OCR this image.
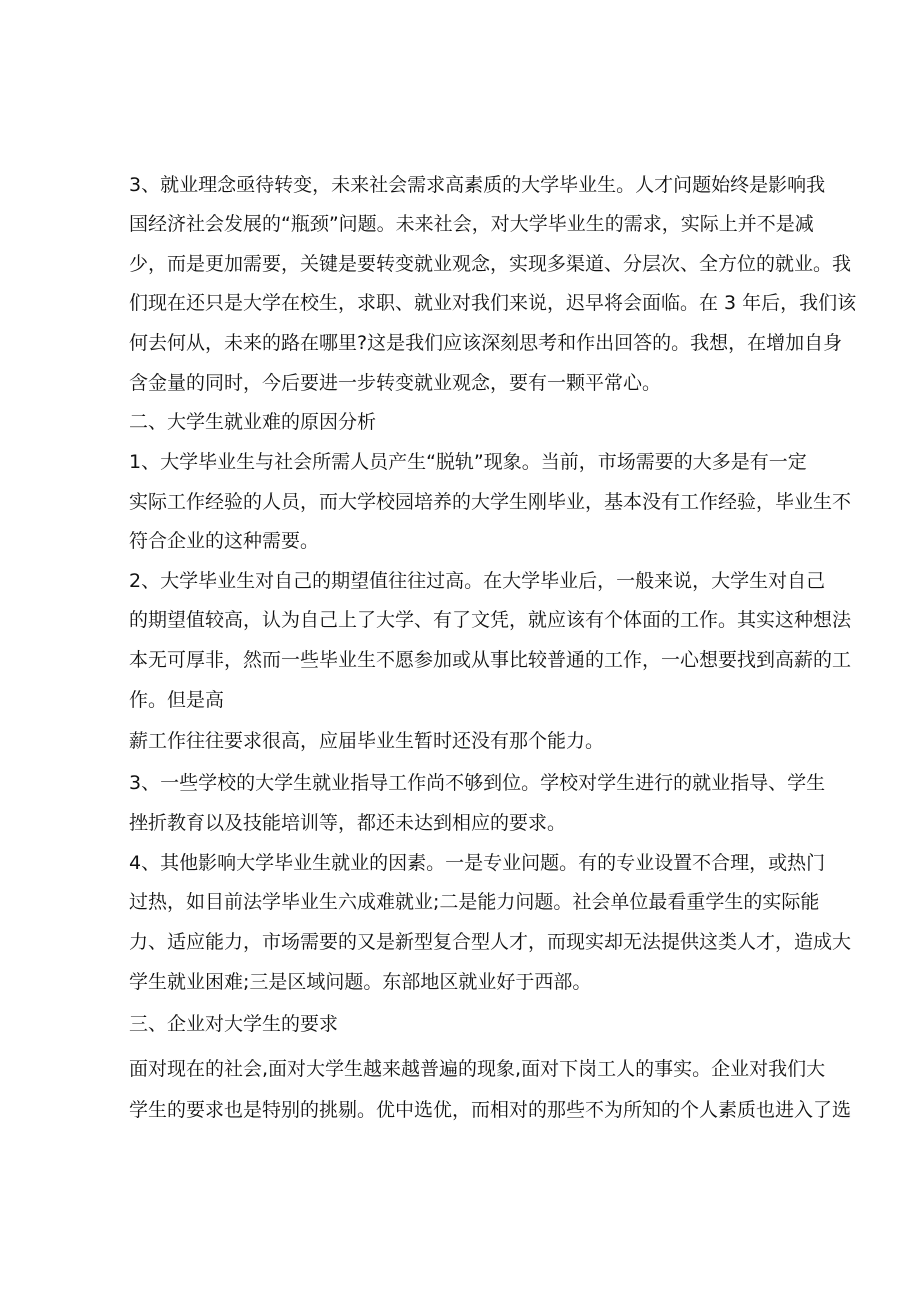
3、就业理念亟待转变，未来社会需求高素质的大学毕业生。人才问题始终是影响我
国经济社会发展的“瓶颈”问题。未来社会，对大学毕业生的需求，实际上并不是减
少，而是更加需要，关键是要转变就业观念，实现多渠道、分层次、全方位的就业。我
们现在还只是大学在校生，求职、就业对我们来说，迟早将会面临。在 3 年后，我们该
何去何从，未来的路在哪里?这是我们应该深刻思考和作出回答的。我想，在增加自身
含金量的同时，今后要进一步转变就业观念，要有一颗平常心。
二、大学生就业难的原因分析
1、大学毕业生与社会所需人员产生“脱轨”现象。当前，市场需要的大多是有一定
实际工作经验的人员，而大学校园培养的大学生刚毕业，基本没有工作经验，毕业生不
符合企业的这种需要。
2、大学毕业生对自己的期望值往往过高。在大学毕业后，一般来说，大学生对自己
的期望值较高，认为自己上了大学、有了文凭，就应该有个体面的工作。其实这种想法
本无可厚非，然而一些毕业生不愿参加或从事比较普通的工作，一心想要找到高薪的工
作。但是高
薪工作往往要求很高，应届毕业生暂时还没有那个能力。
3、一些学校的大学生就业指导工作尚不够到位。学校对学生进行的就业指导、学生
挫折教育以及技能培训等，都还未达到相应的要求。
4、其他影响大学毕业生就业的因素。一是专业问题。有的专业设置不合理，或热门
过热，如目前法学毕业生六成难就业;二是能力问题。社会单位最看重学生的实际能
力、适应能力，市场需要的又是新型复合型人才，而现实却无法提供这类人才，造成大
学生就业困难;三是区域问题。东部地区就业好于西部。
三、企业对大学生的要求
面对现在的社会,面对大学生越来越普遍的现象,面对下岗工人的事实。企业对我们大
学生的要求也是特别的挑剔。优中选优，而相对的那些不为所知的个人素质也进入了选
